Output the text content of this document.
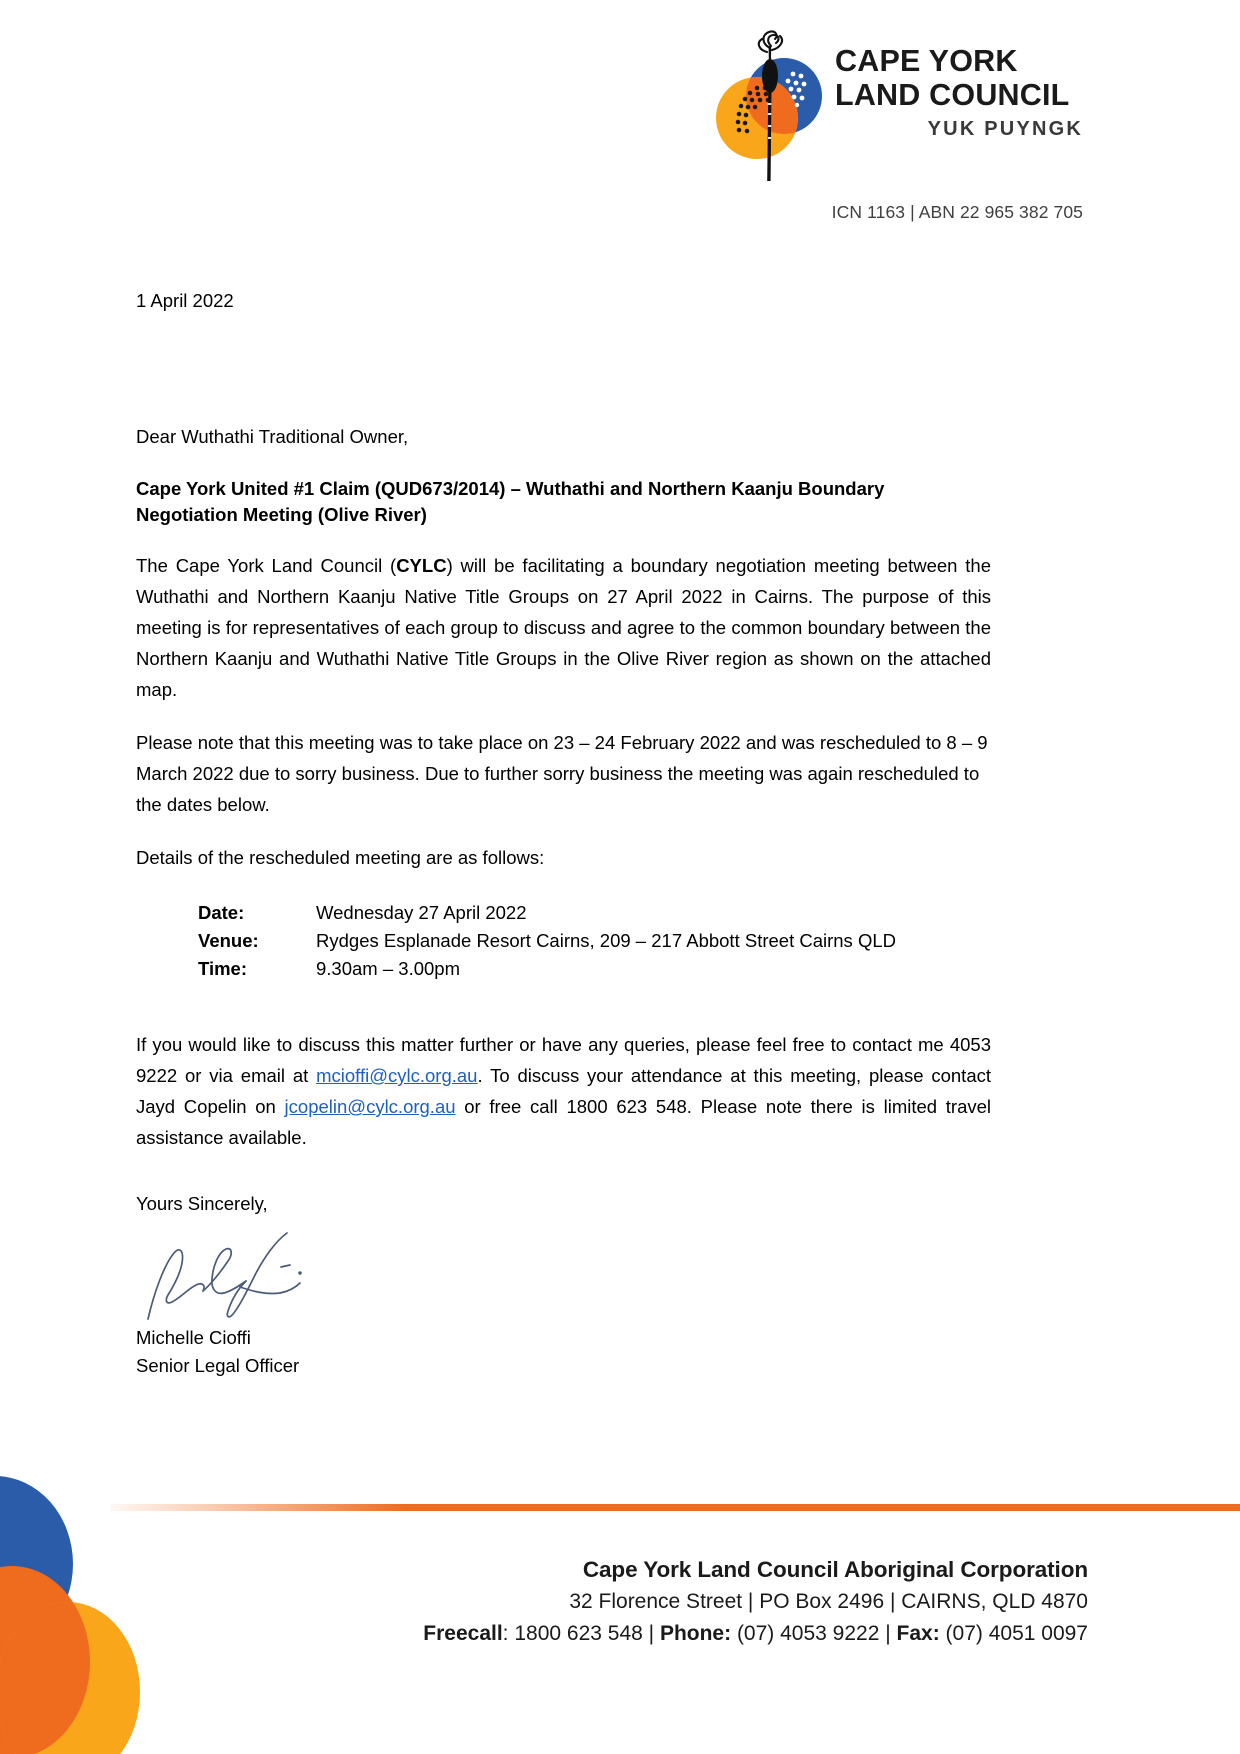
CAPE YORK
LAND COUNCIL
YUK PUYNGK
ICN 1163 | ABN 22 965 382 705
1 April 2022
Dear Wuthathi Traditional Owner,
Cape York United #1 Claim (QUD673/2014) – Wuthathi and Northern Kaanju Boundary Negotiation Meeting (Olive River)

The Cape York Land Council (CYLC) will be facilitating a boundary negotiation meeting between the Wuthathi and Northern Kaanju Native Title Groups on 27 April 2022 in Cairns. The purpose of this meeting is for representatives of each group to discuss and agree to the common boundary between the Northern Kaanju and Wuthathi Native Title Groups in the Olive River region as shown on the attached map.

Please note that this meeting was to take place on 23 – 24 February 2022 and was rescheduled to 8 – 9 March 2022 due to sorry business. Due to further sorry business the meeting was again rescheduled to the dates below.

Details of the rescheduled meeting are as follows:

Date:	Wednesday 27 April 2022
Venue:	Rydges Esplanade Resort Cairns, 209 – 217 Abbott Street Cairns QLD
Time:	9.30am – 3.00pm

If you would like to discuss this matter further or have any queries, please feel free to contact me 4053 9222 or via email at mcioffi@cylc.org.au. To discuss your attendance at this meeting, please contact Jayd Copelin on jcopelin@cylc.org.au or free call 1800 623 548. Please note there is limited travel assistance available.

Yours Sincerely,
Michelle Cioffi
Senior Legal Officer
Cape York Land Council Aboriginal Corporation
32 Florence Street | PO Box 2496 | CAIRNS, QLD 4870
Freecall: 1800 623 548 | Phone: (07) 4053 9222 | Fax: (07) 4051 0097
